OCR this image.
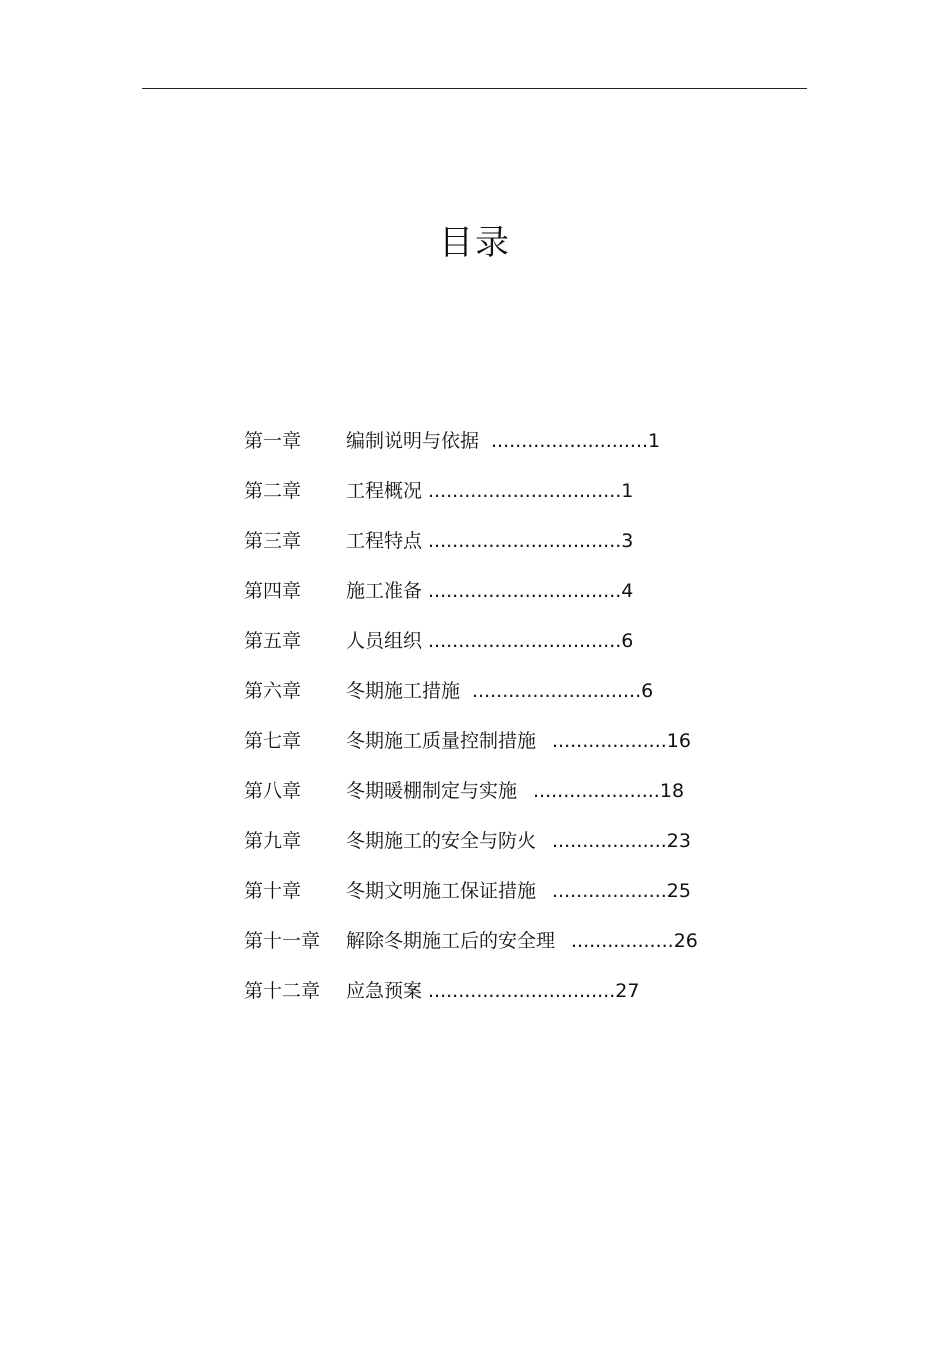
目录
第一章 编制说明与依据 ..........................1
第二章 工程概况 ................................1
第三章 工程特点 ................................3
第四章 施工准备 ................................4
第五章 人员组织 ................................6
第六章 冬期施工措施 ............................6
第七章 冬期施工质量控制措施 ...................16
第八章 冬期暖棚制定与实施 .....................18
第九章 冬期施工的安全与防火 ...................23
第十章 冬期文明施工保证措施 ...................25
第十一章 解除冬期施工后的安全理 .................26
第十二章 应急预案 ...............................27
